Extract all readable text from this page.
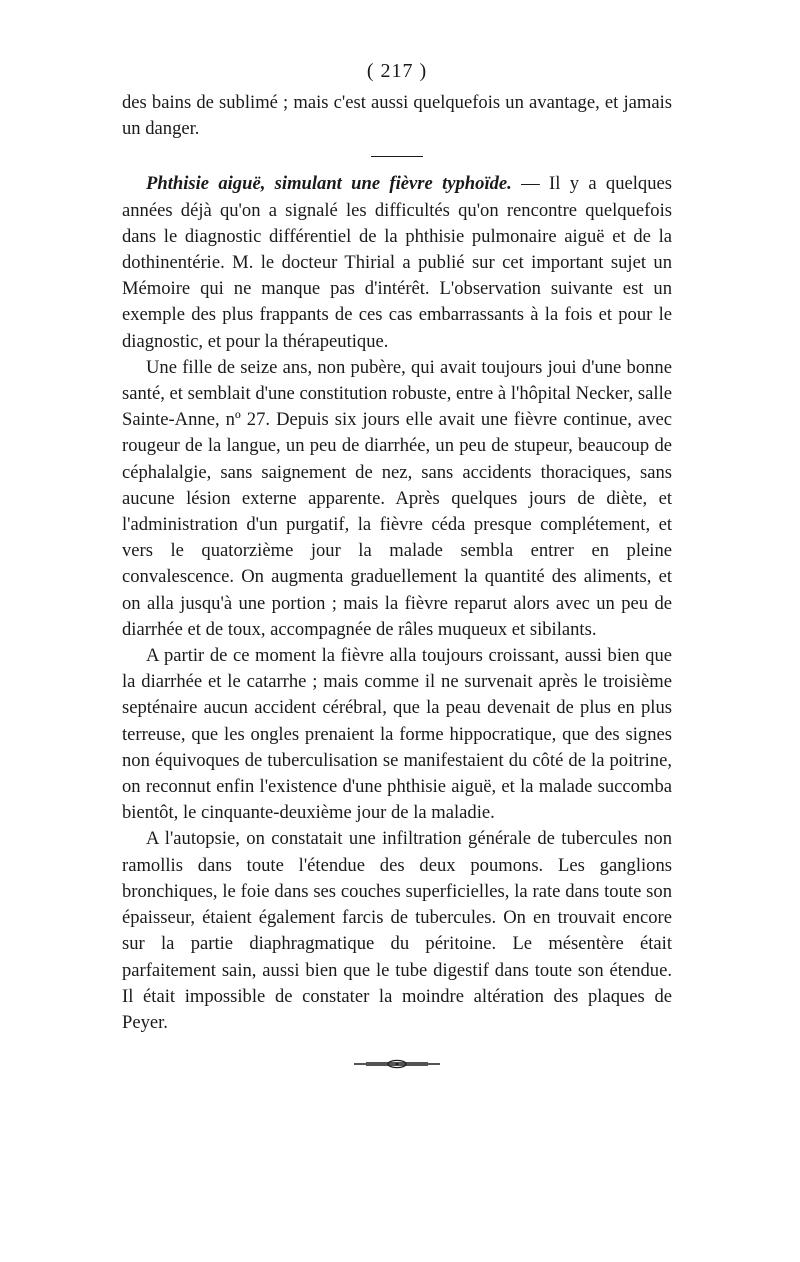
( 217 )

des bains de sublimé ; mais c'est aussi quelquefois un avantage, et jamais un danger.

Phthisie aiguë, simulant une fièvre typhoïde. — Il y a quelques années déjà qu'on a signalé les difficultés qu'on rencontre quelquefois dans le diagnostic différentiel de la phthisie pulmonaire aiguë et de la dothinentérie. M. le docteur Thirial a publié sur cet important sujet un Mémoire qui ne manque pas d'intérêt. L'observation suivante est un exemple des plus frappants de ces cas embarrassants à la fois et pour le diagnostic, et pour la thérapeutique.

Une fille de seize ans, non pubère, qui avait toujours joui d'une bonne santé, et semblait d'une constitution robuste, entre à l'hôpital Necker, salle Sainte-Anne, nº 27. Depuis six jours elle avait une fièvre continue, avec rougeur de la langue, un peu de diarrhée, un peu de stupeur, beaucoup de céphalalgie, sans saignement de nez, sans accidents thoraciques, sans aucune lésion externe apparente. Après quelques jours de diète, et l'administration d'un purgatif, la fièvre céda presque complétement, et vers le quatorzième jour la malade sembla entrer en pleine convalescence. On augmenta graduellement la quantité des aliments, et on alla jusqu'à une portion ; mais la fièvre reparut alors avec un peu de diarrhée et de toux, accompagnée de râles muqueux et sibilants.

A partir de ce moment la fièvre alla toujours croissant, aussi bien que la diarrhée et le catarrhe ; mais comme il ne survenait après le troisième septénaire aucun accident cérébral, que la peau devenait de plus en plus terreuse, que les ongles prenaient la forme hippocratique, que des signes non équivoques de tuberculisation se manifestaient du côté de la poitrine, on reconnut enfin l'existence d'une phthisie aiguë, et la malade succomba bientôt, le cinquante-deuxième jour de la maladie.

A l'autopsie, on constatait une infiltration générale de tubercules non ramollis dans toute l'étendue des deux poumons. Les ganglions bronchiques, le foie dans ses couches superficielles, la rate dans toute son épaisseur, étaient également farcis de tubercules. On en trouvait encore sur la partie diaphragmatique du péritoine. Le mésentère était parfaitement sain, aussi bien que le tube digestif dans toute son étendue. Il était impossible de constater la moindre altération des plaques de Peyer.
